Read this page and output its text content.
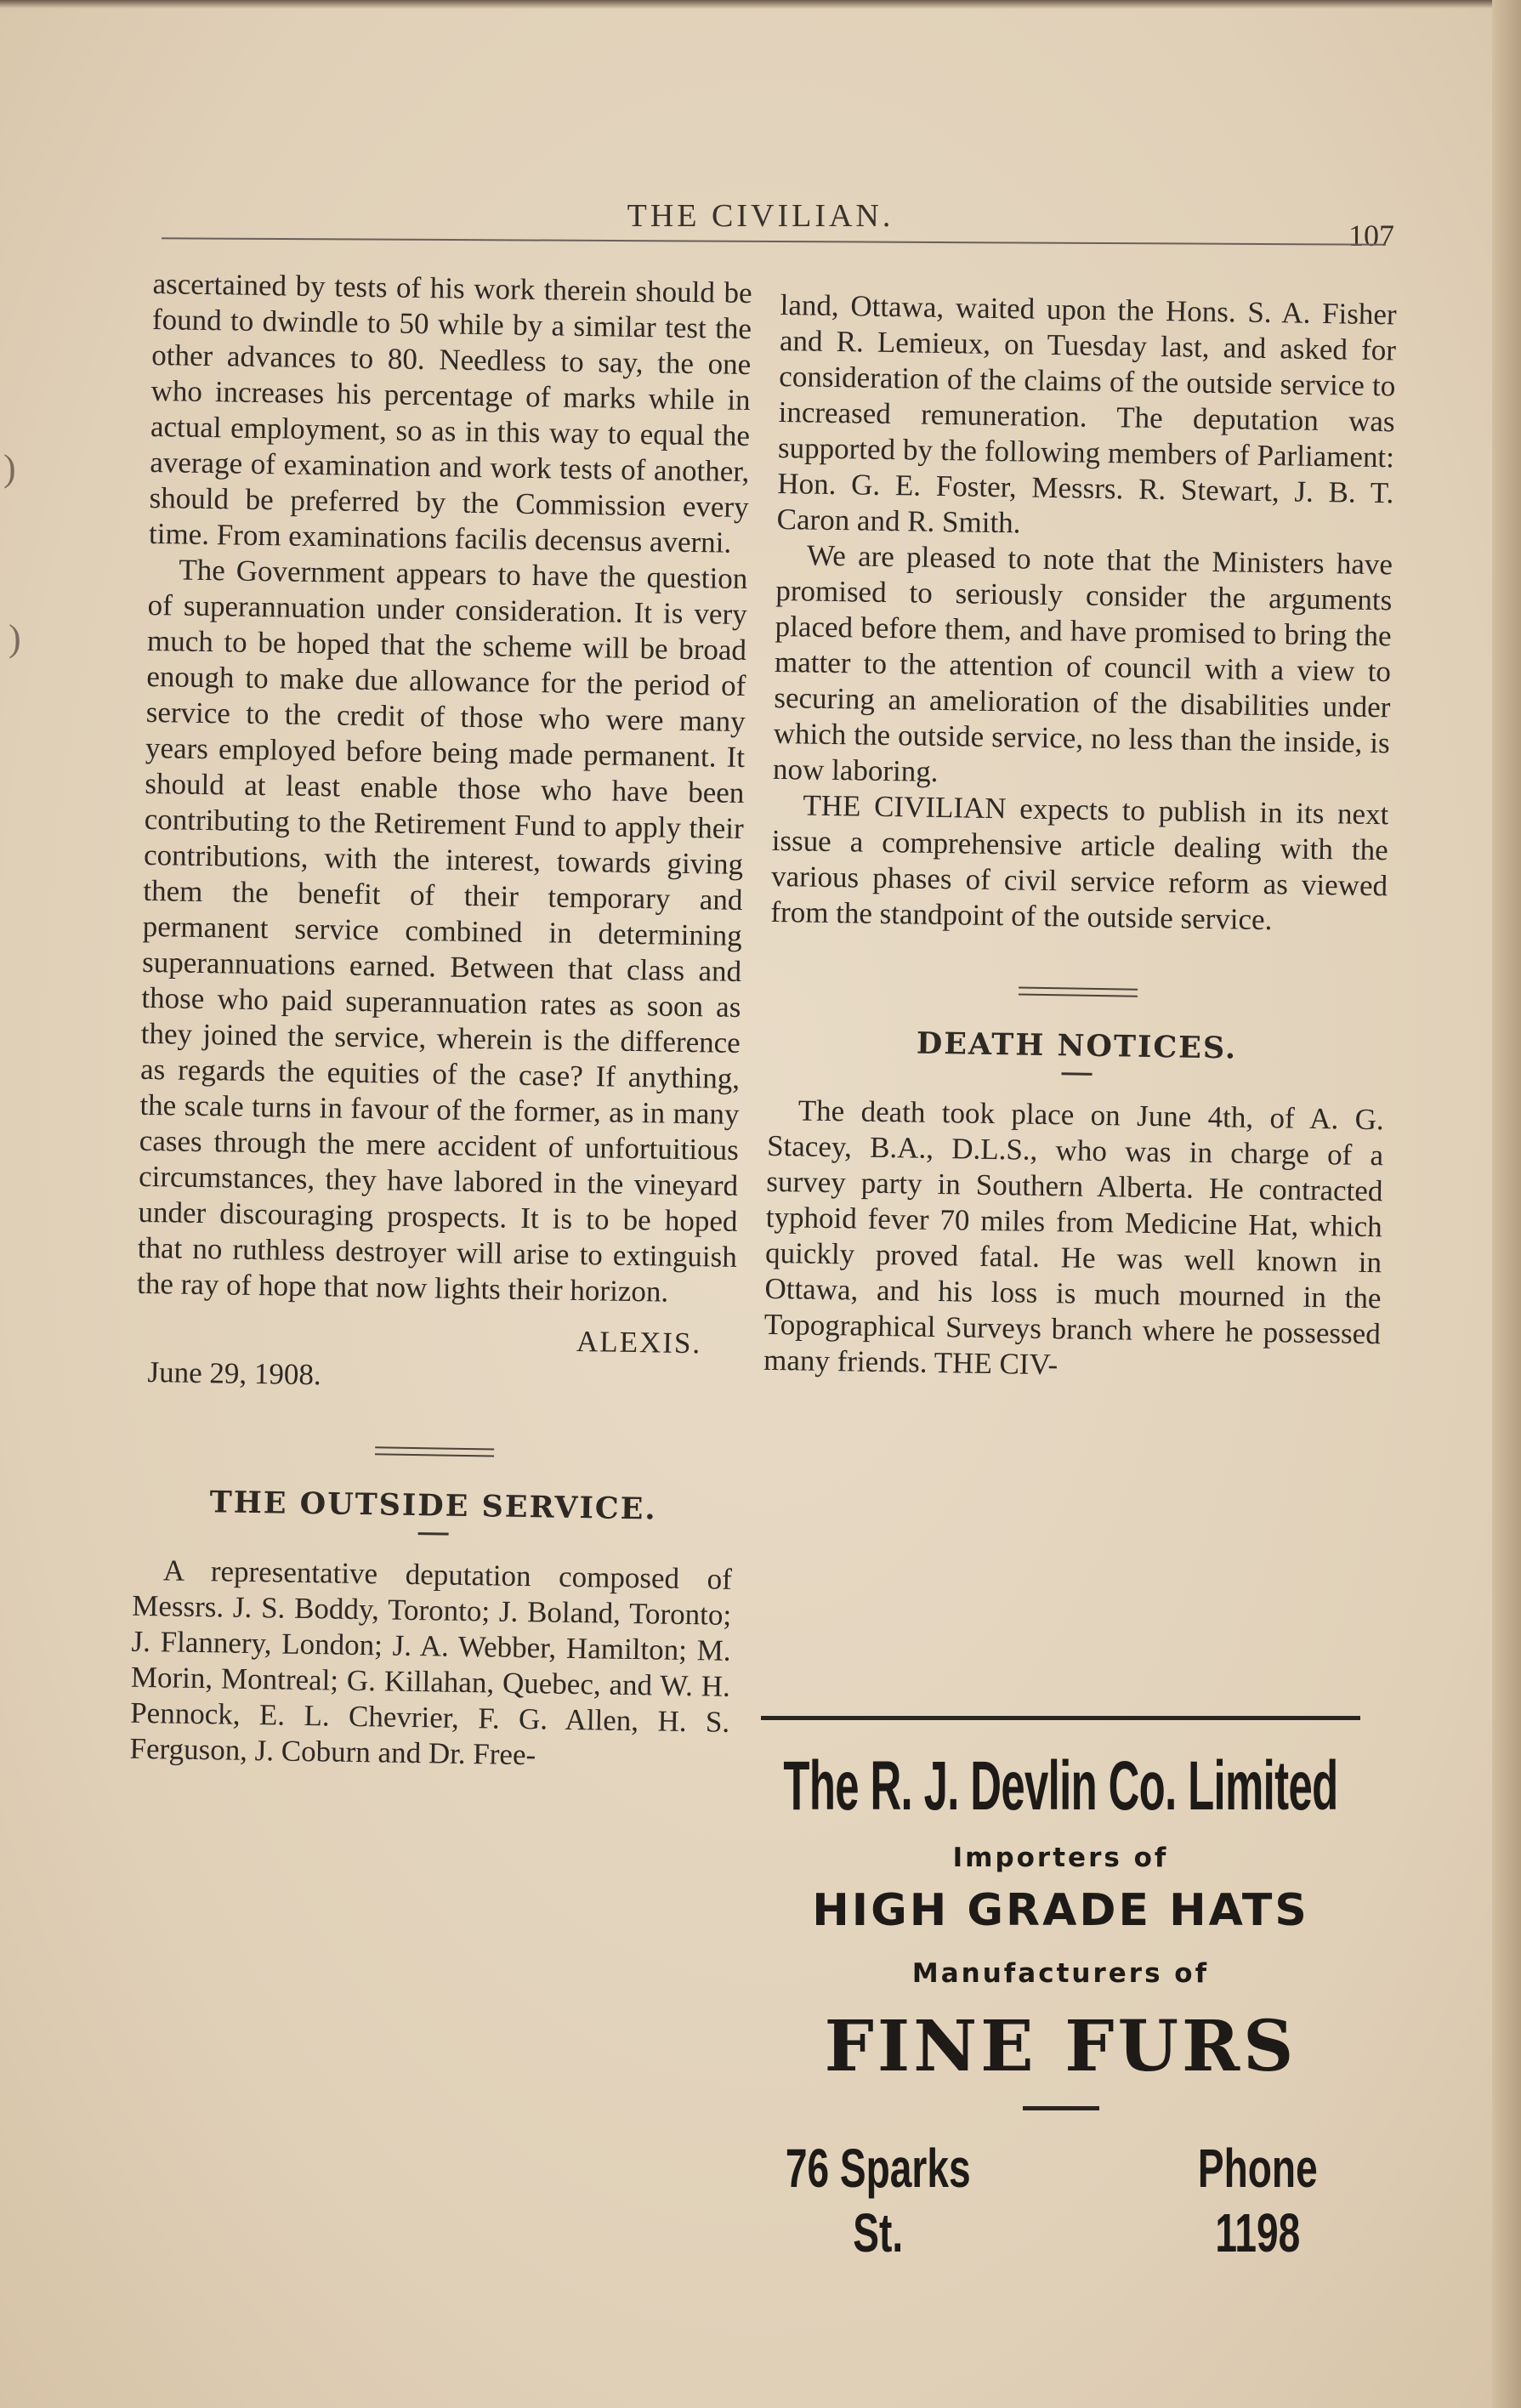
)
)
THE CIVILIAN.
107

ascertained by tests of his work therein should be found to dwindle to 50 while by a similar test the other advances to 80. Needless to say, the one who increases his percentage of marks while in actual employment, so as in this way to equal the average of examination and work tests of another, should be preferred by the Commission every time. From examinations facilis decensus averni.

The Government appears to have the question of superannuation under consideration. It is very much to be hoped that the scheme will be broad enough to make due allowance for the period of service to the credit of those who were many years employed before being made permanent. It should at least enable those who have been contributing to the Retirement Fund to apply their contributions, with the interest, towards giving them the benefit of their temporary and permanent service combined in determining superannuations earned. Between that class and those who paid superannuation rates as soon as they joined the service, wherein is the difference as regards the equities of the case? If anything, the scale turns in favour of the former, as in many cases through the mere accident of unfortuitious circumstances, they have labored in the vineyard under discouraging prospects. It is to be hoped that no ruthless destroyer will arise to extinguish the ray of hope that now lights their horizon.

ALEXIS.
June 29, 1908.
THE OUTSIDE SERVICE.

A representative deputation composed of Messrs. J. S. Boddy, Toronto; J. Boland, Toronto; J. Flannery, London; J. A. Webber, Hamilton; M. Morin, Montreal; G. Killahan, Quebec, and W. H. Pennock, E. L. Chevrier, F. G. Allen, H. S. Ferguson, J. Coburn and Dr. Free-

land, Ottawa, waited upon the Hons. S. A. Fisher and R. Lemieux, on Tuesday last, and asked for consideration of the claims of the outside service to increased remuneration. The deputation was supported by the following members of Parliament: Hon. G. E. Foster, Messrs. R. Stewart, J. B. T. Caron and R. Smith.

We are pleased to note that the Ministers have promised to seriously consider the arguments placed before them, and have promised to bring the matter to the attention of council with a view to securing an amelioration of the disabilities under which the outside service, no less than the inside, is now laboring.

THE CIVILIAN expects to publish in its next issue a comprehensive article dealing with the various phases of civil service reform as viewed from the standpoint of the outside service.

DEATH NOTICES.

The death took place on June 4th, of A. G. Stacey, B.A., D.L.S., who was in charge of a survey party in Southern Alberta. He contracted typhoid fever 70 miles from Medicine Hat, which quickly proved fatal. He was well known in Ottawa, and his loss is much mourned in the Topographical Surveys branch where he possessed many friends. THE CIV-

The R. J. Devlin Co. Limited
Importers of
HIGH GRADE HATS
Manufacturers of
FINE FURS
76 Sparks St.
Phone 1198
